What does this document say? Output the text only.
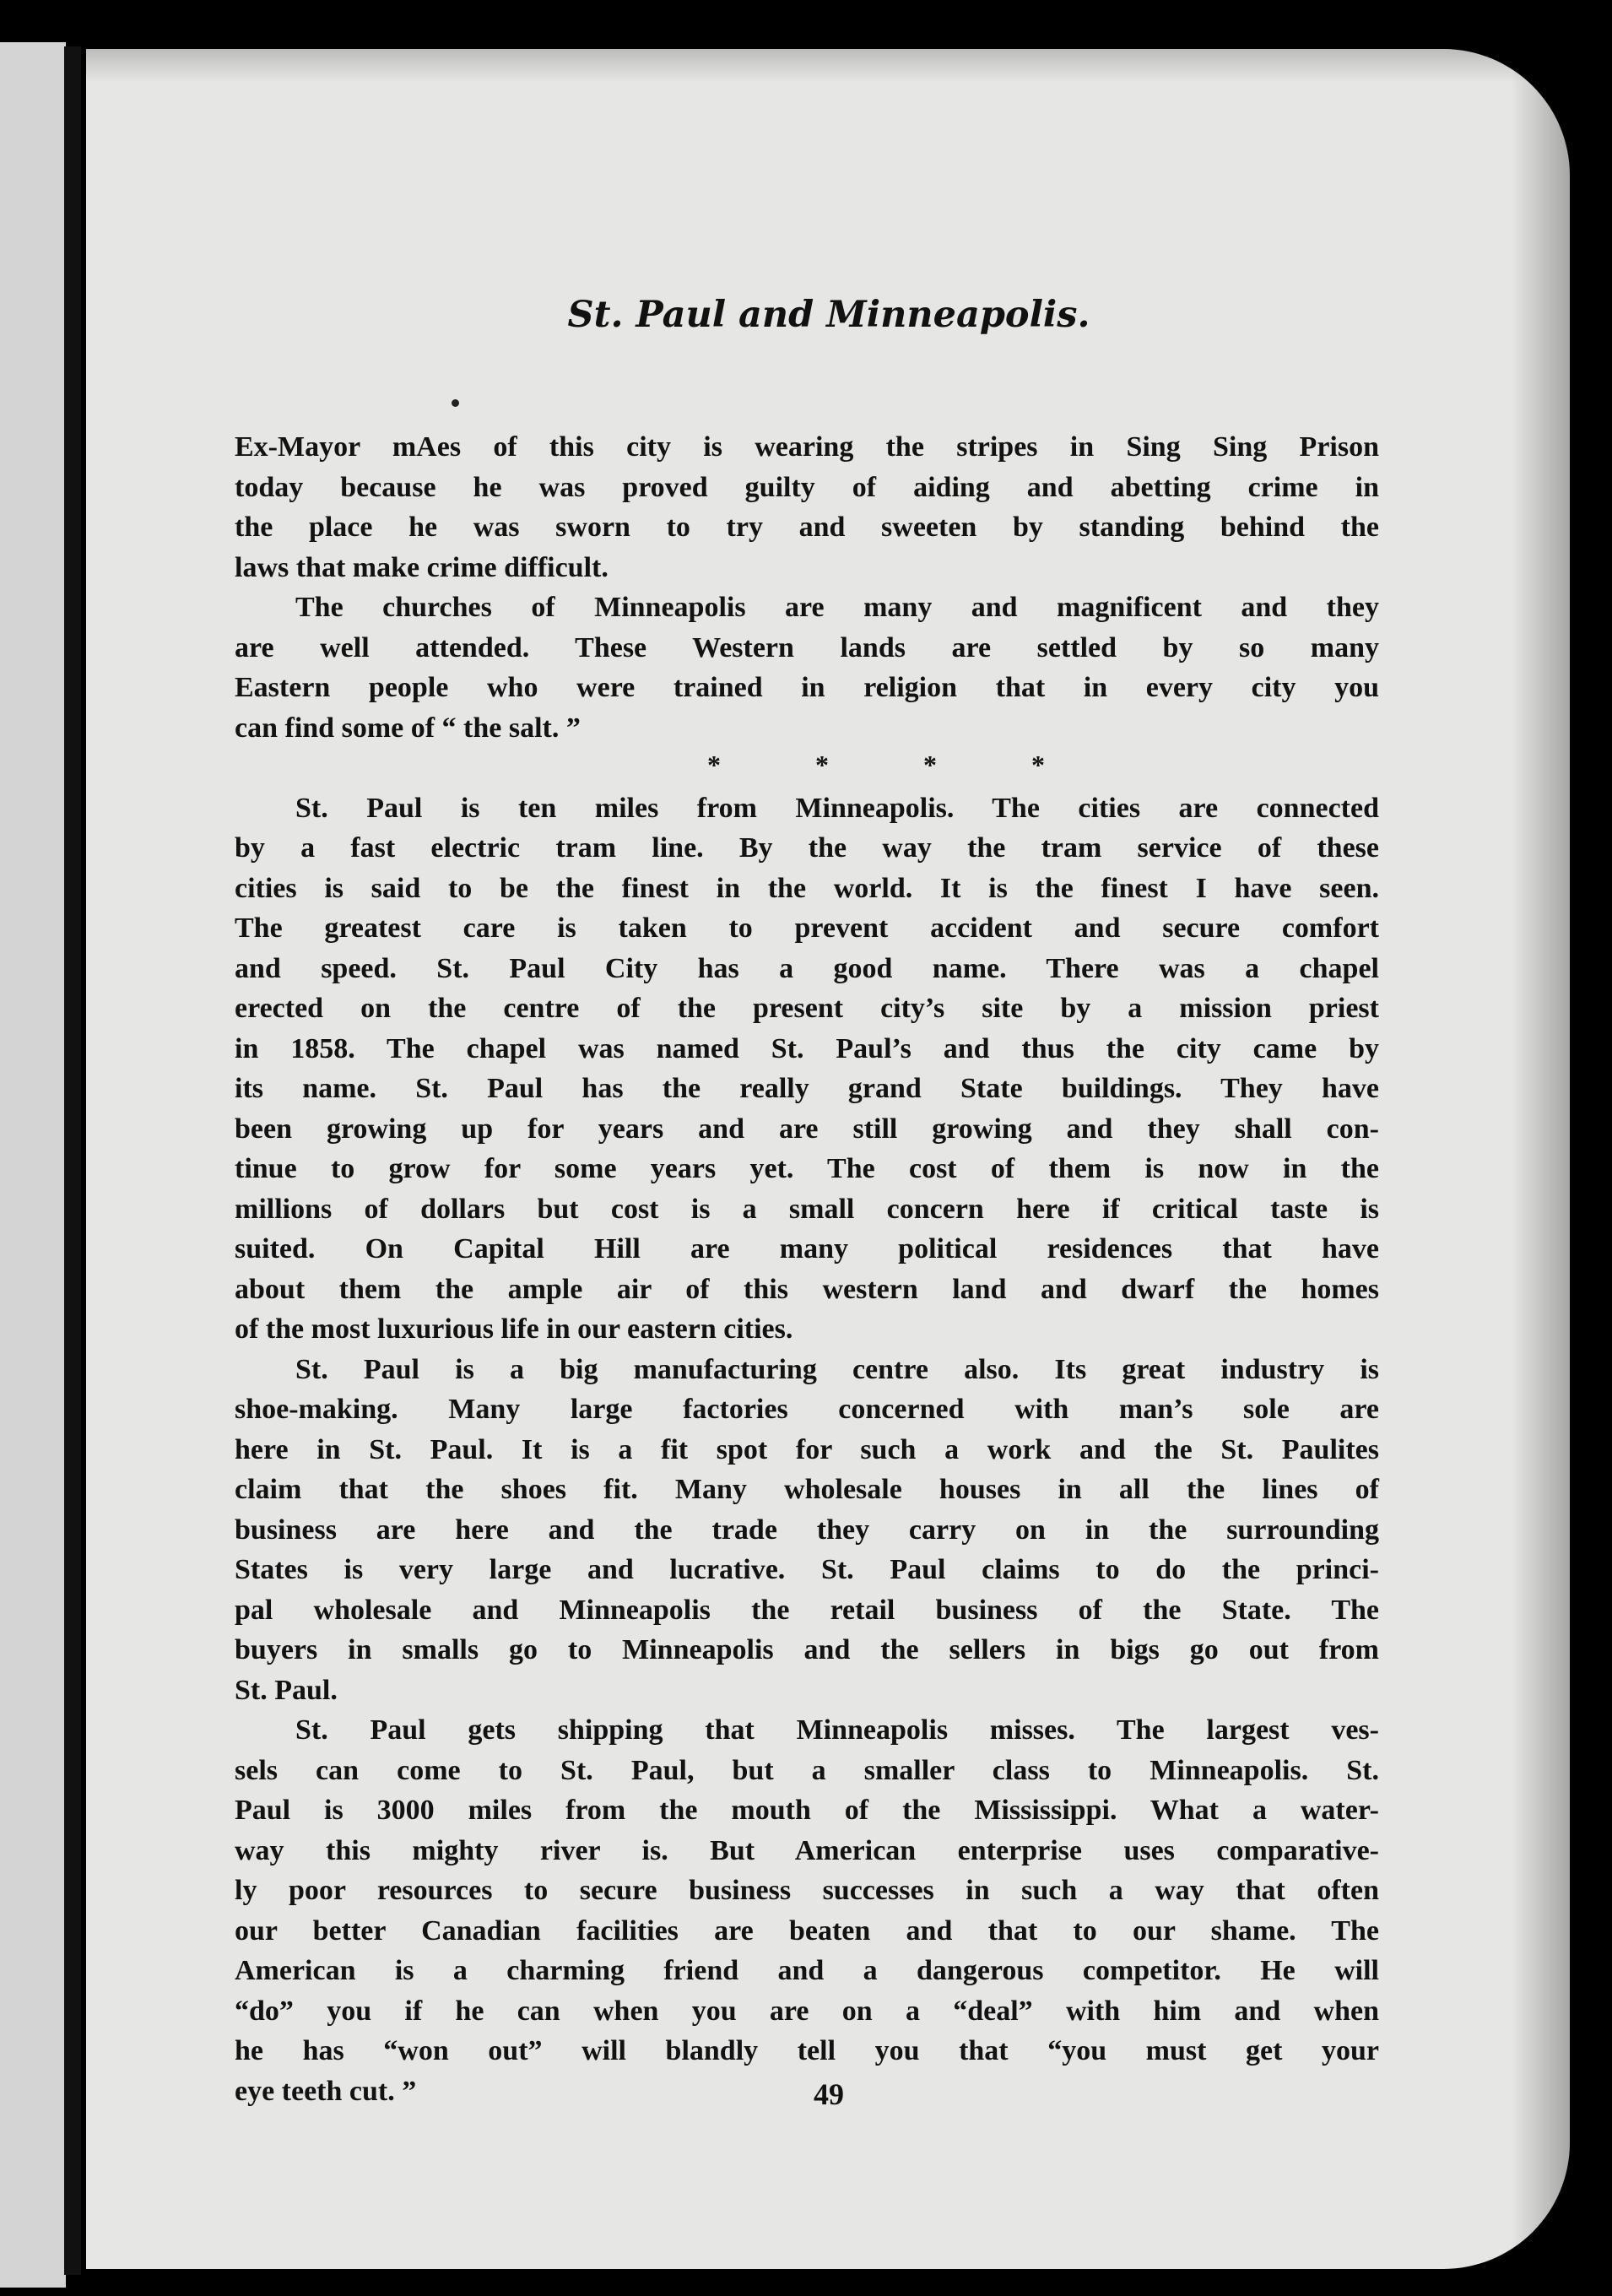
St. Paul and Minneapolis.
Ex-Mayor mAes of this city is wearing the stripes in Sing Sing Prison
today because he was proved guilty of aiding and abetting crime in
the place he was sworn to try and sweeten by standing behind the
laws that make crime difficult.
The churches of Minneapolis are many and magnificent and they
are well attended. These Western lands are settled by so many
Eastern people who were trained in religion that in every city you
can find some of “ the salt. ”
*	*	*	*
St. Paul is ten miles from Minneapolis. The cities are connected
by a fast electric tram line. By the way the tram service of these
cities is said to be the finest in the world. It is the finest I have seen.
The greatest care is taken to prevent accident and secure comfort
and speed. St. Paul City has a good name. There was a chapel
erected on the centre of the present city’s site by a mission priest
in 1858. The chapel was named St. Paul’s and thus the city came by
its name. St. Paul has the really grand State buildings. They have
been growing up for years and are still growing and they shall con-
tinue to grow for some years yet. The cost of them is now in the
millions of dollars but cost is a small concern here if critical taste is
suited. On Capital Hill are many political residences that have
about them the ample air of this western land and dwarf the homes
of the most luxurious life in our eastern cities.
St. Paul is a big manufacturing centre also. Its great industry is
shoe-making. Many large factories concerned with man’s sole are
here in St. Paul. It is a fit spot for such a work and the St. Paulites
claim that the shoes fit. Many wholesale houses in all the lines of
business are here and the trade they carry on in the surrounding
States is very large and lucrative. St. Paul claims to do the princi-
pal wholesale and Minneapolis the retail business of the State. The
buyers in smalls go to Minneapolis and the sellers in bigs go out from
St. Paul.
St. Paul gets shipping that Minneapolis misses. The largest ves-
sels can come to St. Paul, but a smaller class to Minneapolis. St.
Paul is 3000 miles from the mouth of the Mississippi. What a water-
way this mighty river is. But American enterprise uses comparative-
ly poor resources to secure business successes in such a way that often
our better Canadian facilities are beaten and that to our shame. The
American is a charming friend and a dangerous competitor. He will
“do” you if he can when you are on a “deal” with him and when
he has “won out” will blandly tell you that “you must get your
eye teeth cut. ”	49
